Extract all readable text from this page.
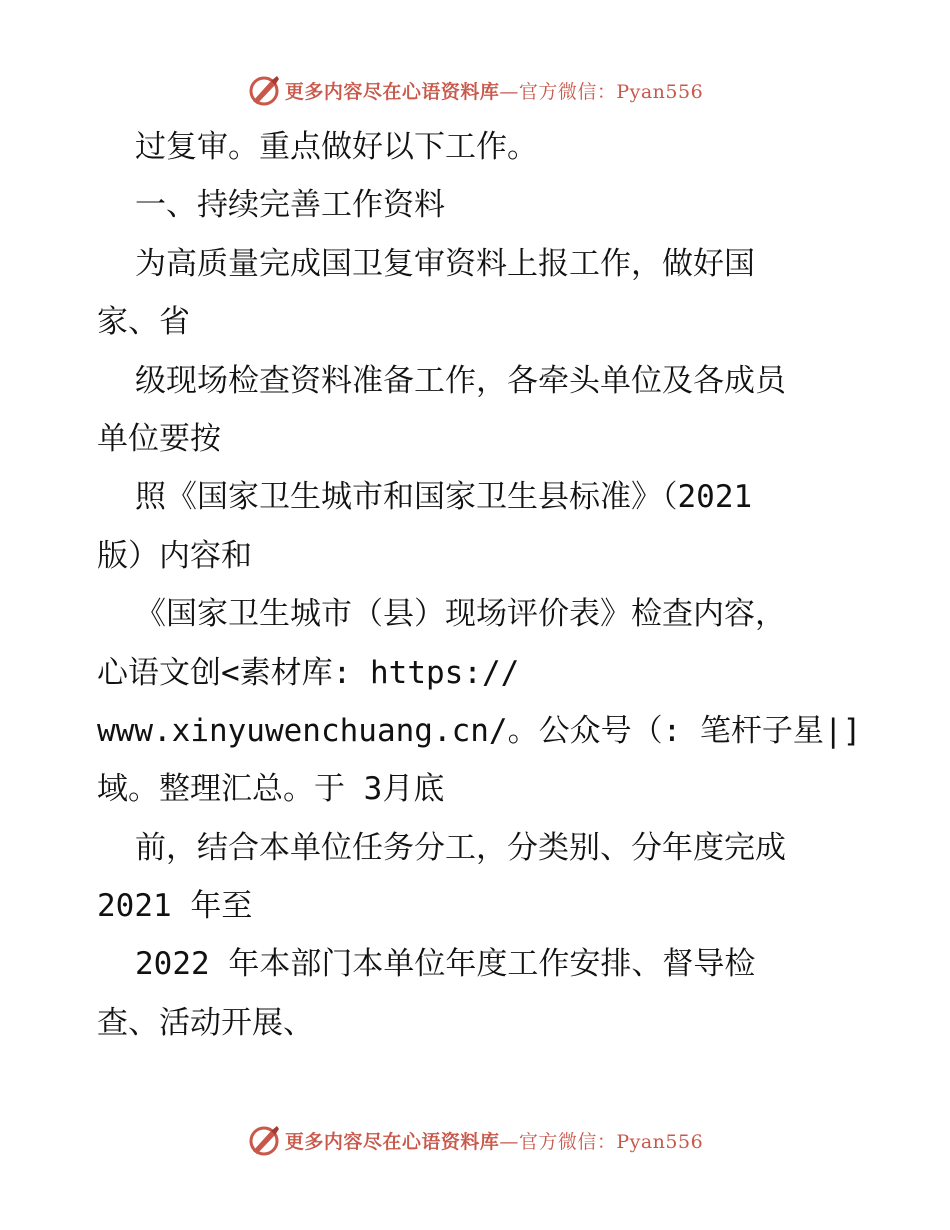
更多内容尽在心语资料库—官方微信：Pyan556
过复审。重点做好以下工作。
一、持续完善工作资料
为高质量完成国卫复审资料上报工作，做好国
家、省
级现场检查资料准备工作，各牵头单位及各成员
单位要按
照《国家卫生城市和国家卫生县标准》（2021
版）内容和
《国家卫生城市（县）现场评价表》检查内容，
心语文创<素材库: https://
www.xinyuwenchuang.cn/。公众号（: 笔杆子星|]
域。整理汇总。于 3月底
前，结合本单位任务分工，分类别、分年度完成
2021 年至
2022 年本部门本单位年度工作安排、督导检
查、活动开展、
更多内容尽在心语资料库—官方微信：Pyan556
